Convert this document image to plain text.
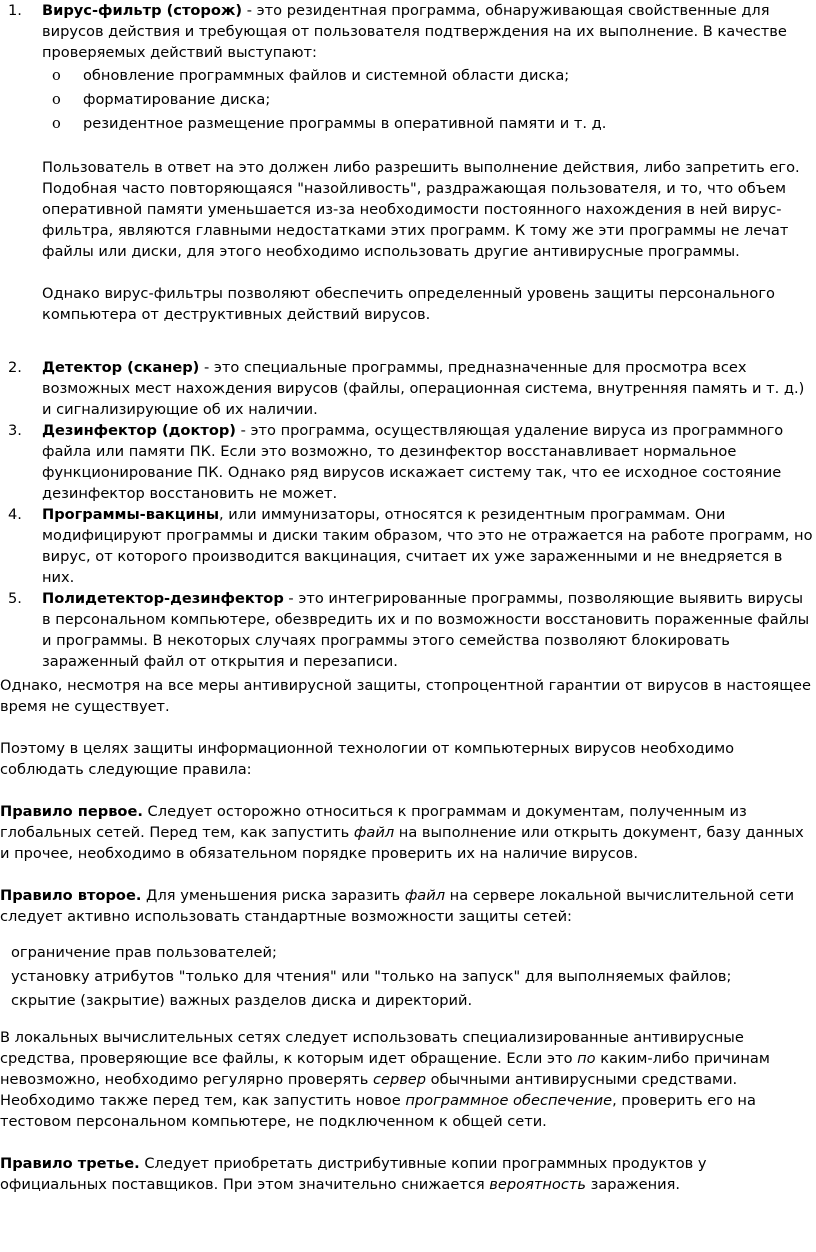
1.	Вирус-фильтр (сторож) - это резидентная программа, обнаруживающая свойственные для вирусов действия и требующая от пользователя подтверждения на их выполнение. В качестве проверяемых действий выступают:

o обновление программных файлов и системной области диска;
o форматирование диска;
o резидентное размещение программы в оперативной памяти и т. д.

Пользователь в ответ на это должен либо разрешить выполнение действия, либо запретить его. Подобная часто повторяющаяся "назойливость", раздражающая пользователя, и то, что объем оперативной памяти уменьшается из-за необходимости постоянного нахождения в ней вирус-фильтра, являются главными недостатками этих программ. К тому же эти программы не лечат файлы или диски, для этого необходимо использовать другие антивирусные программы.

Однако вирус-фильтры позволяют обеспечить определенный уровень защиты персонального компьютера от деструктивных действий вирусов.

2.	Детектор (сканер) - это специальные программы, предназначенные для просмотра всех возможных мест нахождения вирусов (файлы, операционная система, внутренняя память и т. д.) и сигнализирующие об их наличии.

3.	Дезинфектор (доктор) - это программа, осуществляющая удаление вируса из программного файла или памяти ПК. Если это возможно, то дезинфектор восстанавливает нормальное функционирование ПК. Однако ряд вирусов искажает систему так, что ее исходное состояние дезинфектор восстановить не может.

4.	Программы-вакцины, или иммунизаторы, относятся к резидентным программам. Они модифицируют программы и диски таким образом, что это не отражается на работе программ, но вирус, от которого производится вакцинация, считает их уже зараженными и не внедряется в них.

5.	Полидетектор-дезинфектор - это интегрированные программы, позволяющие выявить вирусы в персональном компьютере, обезвредить их и по возможности восстановить пораженные файлы и программы. В некоторых случаях программы этого семейства позволяют блокировать зараженный файл от открытия и перезаписи.

Однако, несмотря на все меры антивирусной защиты, стопроцентной гарантии от вирусов в настоящее время не существует.

Поэтому в целях защиты информационной технологии от компьютерных вирусов необходимо соблюдать следующие правила:

Правило первое. Следует осторожно относиться к программам и документам, полученным из глобальных сетей. Перед тем, как запустить файл на выполнение или открыть документ, базу данных и прочее, необходимо в обязательном порядке проверить их на наличие вирусов.

Правило второе. Для уменьшения риска заразить файл на сервере локальной вычислительной сети следует активно использовать стандартные возможности защиты сетей:

ограничение прав пользователей;
установку атрибутов "только для чтения" или "только на запуск" для выполняемых файлов;
скрытие (закрытие) важных разделов диска и директорий.

В локальных вычислительных сетях следует использовать специализированные антивирусные средства, проверяющие все файлы, к которым идет обращение. Если это по каким-либо причинам невозможно, необходимо регулярно проверять сервер обычными антивирусными средствами. Необходимо также перед тем, как запустить новое программное обеспечение, проверить его на тестовом персональном компьютере, не подключенном к общей сети.

Правило третье. Следует приобретать дистрибутивные копии программных продуктов у официальных поставщиков. При этом значительно снижается вероятность заражения.
